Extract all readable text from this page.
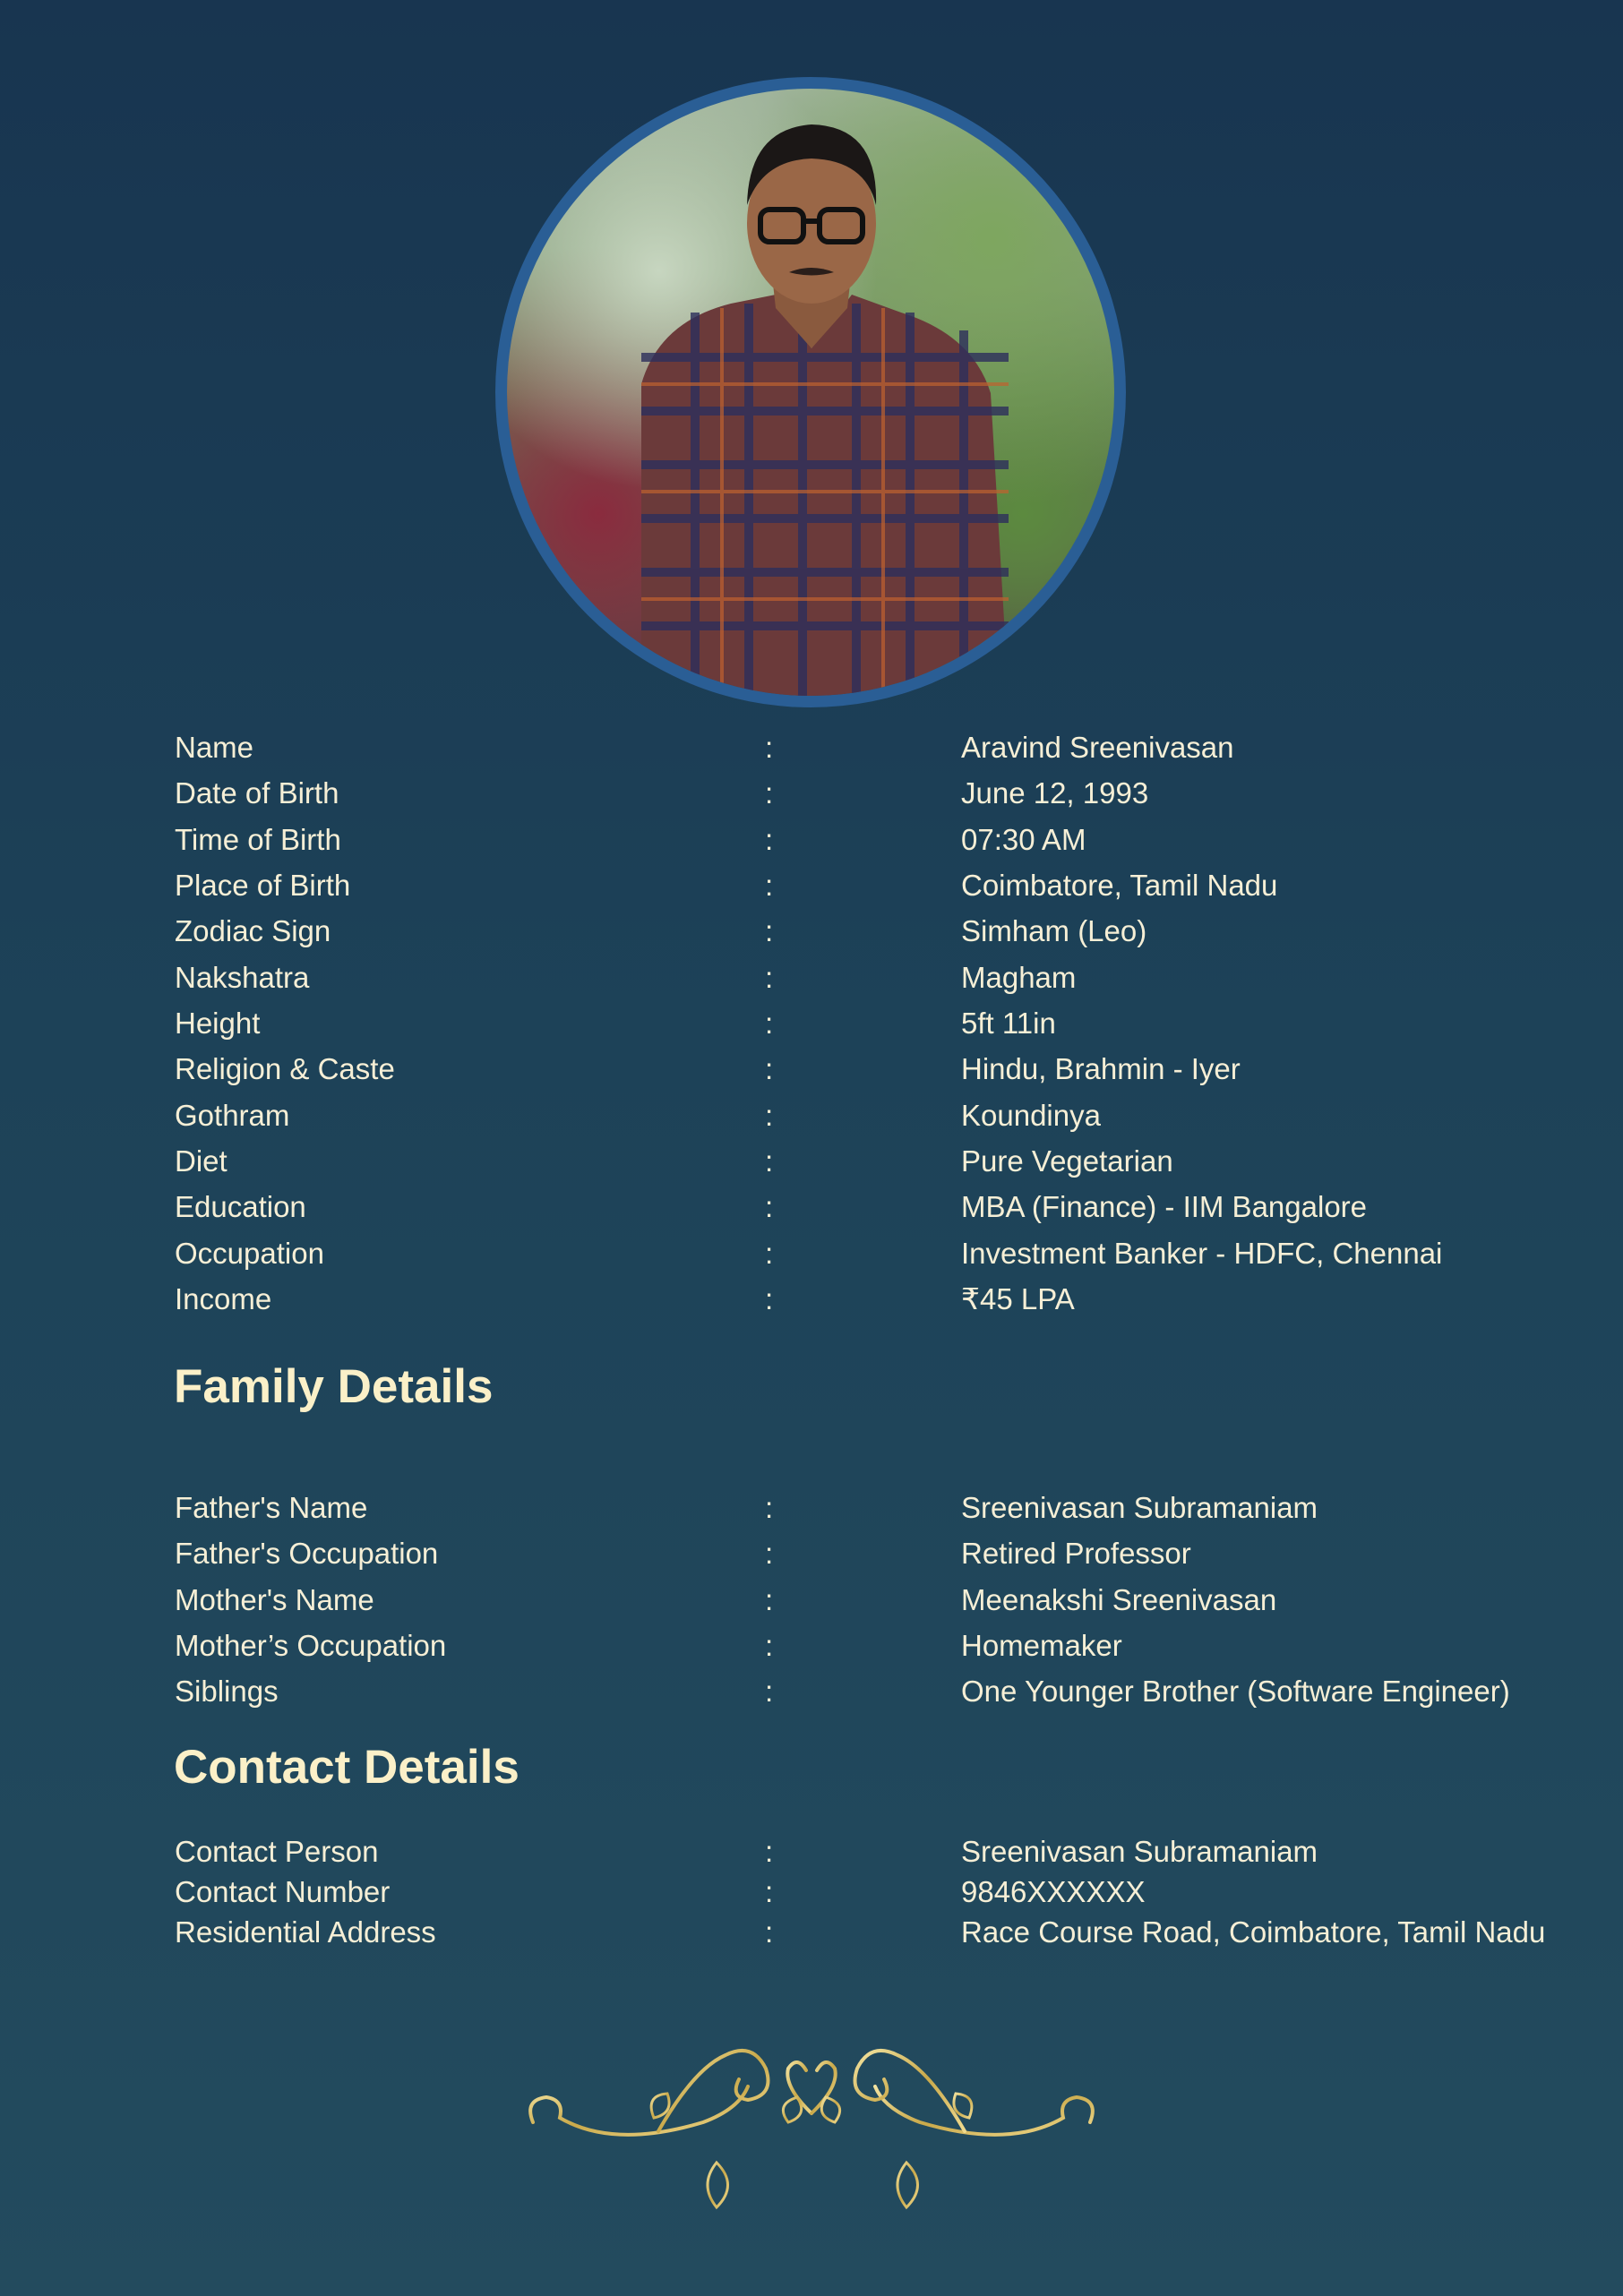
Name	:	Aravind Sreenivasan
Date of Birth	:	June 12, 1993
Time of Birth	:	07:30 AM
Place of Birth	:	Coimbatore, Tamil Nadu
Zodiac Sign	:	Simham (Leo)
Nakshatra	:	Magham
Height	:	5ft 11in
Religion & Caste	:	Hindu, Brahmin - Iyer
Gothram	:	Koundinya
Diet	:	Pure Vegetarian
Education	:	MBA (Finance) - IIM Bangalore
Occupation	:	Investment Banker - HDFC, Chennai
Income	:	₹45 LPA
Family Details
Father's Name	:	Sreenivasan Subramaniam
Father's Occupation	:	Retired Professor
Mother's Name	:	Meenakshi Sreenivasan
Mother’s Occupation	:	Homemaker
Siblings	:	One Younger Brother (Software Engineer)
Contact Details
Contact Person	:	Sreenivasan Subramaniam
Contact Number	:	9846XXXXXX
Residential Address	:	Race Course Road, Coimbatore, Tamil Nadu
